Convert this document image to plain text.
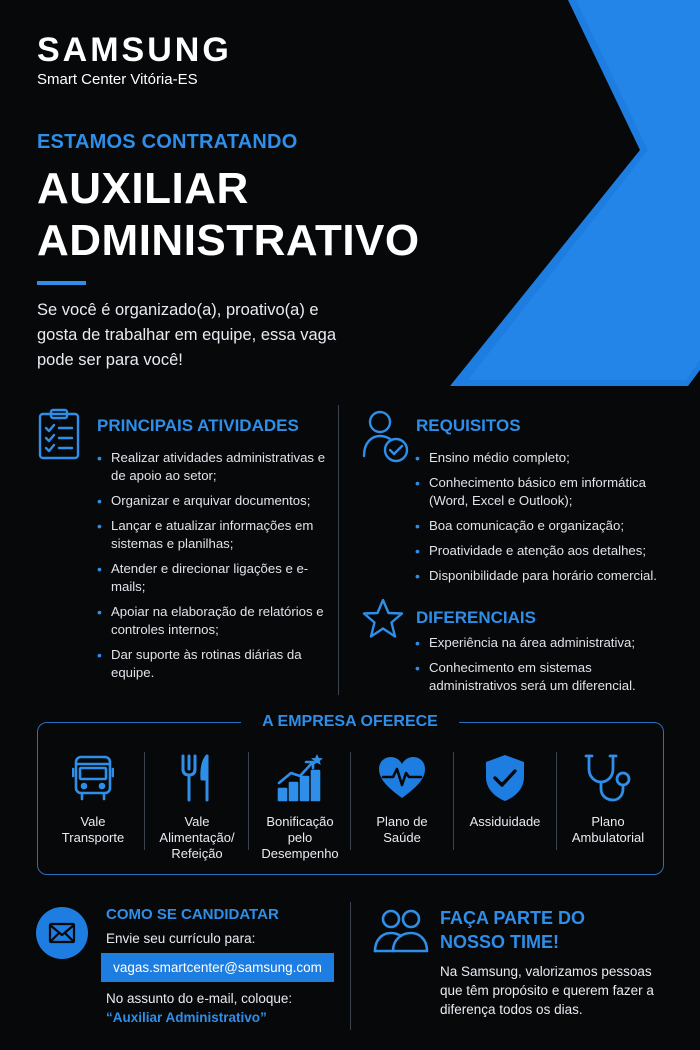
SAMSUNG
Smart Center Vitória-ES
ESTAMOS CONTRATANDO
AUXILIAR
ADMINISTRATIVO
Se você é organizado(a), proativo(a) e gosta de trabalhar em equipe, essa vaga pode ser para você!
PRINCIPAIS ATIVIDADES
• Realizar atividades administrativas e de apoio ao setor;
• Organizar e arquivar documentos;
• Lançar e atualizar informações em sistemas e planilhas;
• Atender e direcionar ligações e e-mails;
• Apoiar na elaboração de relatórios e controles internos;
• Dar suporte às rotinas diárias da equipe.
REQUISITOS
• Ensino médio completo;
• Conhecimento básico em informática (Word, Excel e Outlook);
• Boa comunicação e organização;
• Proatividade e atenção aos detalhes;
• Disponibilidade para horário comercial.
DIFERENCIAIS
• Experiência na área administrativa;
• Conhecimento em sistemas administrativos será um diferencial.
A EMPRESA OFERECE
Vale
Transporte
Vale
Alimentação/
Refeição
Bonificação
pelo
Desempenho
Plano de
Saúde
Assiduidade	Plano
Ambulatorial
COMO SE CANDIDATAR
Envie seu currículo para:
vagas.smartcenter@samsung.com
No assunto do e-mail, coloque:
“Auxiliar Administrativo”
FAÇA PARTE DO
NOSSO TIME!
Na Samsung, valorizamos pessoas que têm propósito e querem fazer a diferença todos os dias.
